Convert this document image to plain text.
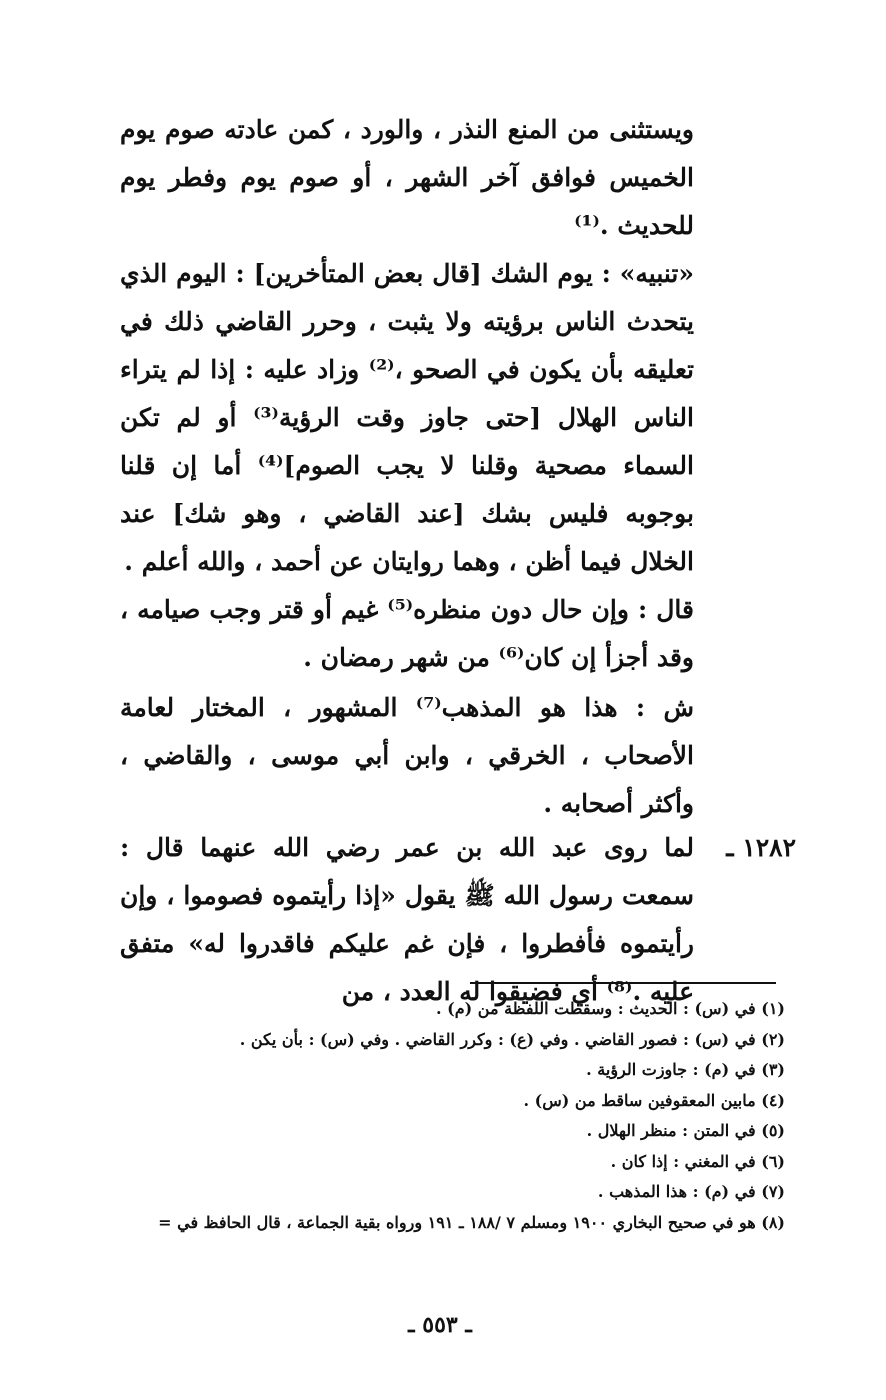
ويستثنى من المنع النذر ، والورد ، كمن عادته صوم يوم الخميس فوافق آخر الشهر ، أو صوم يوم وفطر يوم للحديث .⁽¹⁾

«تنبيه» : يوم الشك [قال بعض المتأخرين] : اليوم الذي يتحدث الناس برؤيته ولا يثبت ، وحرر القاضي ذلك في تعليقه بأن يكون في الصحو ،⁽²⁾ وزاد عليه : إذا لم يتراء الناس الهلال [حتى جاوز وقت الرؤية⁽³⁾ أو لم تكن السماء مصحية وقلنا لا يجب الصوم]⁽⁴⁾ أما إن قلنا بوجوبه فليس بشك [عند القاضي ، وهو شك] عند الخلال فيما أظن ، وهما روايتان عن أحمد ، والله أعلم .

قال : وإن حال دون منظره⁽⁵⁾ غيم أو قتر وجب صيامه ، وقد أجزأ إن كان⁽⁶⁾ من شهر رمضان .

ش : هذا هو المذهب⁽⁷⁾ المشهور ، المختار لعامة الأصحاب ، الخرقي ، وابن أبي موسى ، والقاضي ، وأكثر أصحابه .

١٢٨٢ ـ
لما روى عبد الله بن عمر رضي الله عنهما قال : سمعت رسول الله ﷺ يقول «إذا رأيتموه فصوموا ، وإن رأيتموه فأفطروا ، فإن غم عليكم فاقدروا له» متفق عليه .⁽⁸⁾ أي فضيقوا له العدد ، من

(١) في (س) : الحديث : وسقطت اللفظة من (م) .

(٢) في (س) : فصور القاضي . وفي (ع) : وكرر القاضي . وفي (س) : بأن يكن .

(٣) في (م) : جاوزت الرؤية .

(٤) مابين المعقوفين ساقط من (س) .

(٥) في المتن : منظر الهلال .

(٦) في المغني : إذا كان .

(٧) في (م) : هذا المذهب .

(٨) هو في صحيح البخاري ١٩٠٠ ومسلم ٧ /١٨٨ ـ ١٩١ ورواه بقية الجماعة ، قال الحافظ في =

ـ ٥٥٣ ـ
